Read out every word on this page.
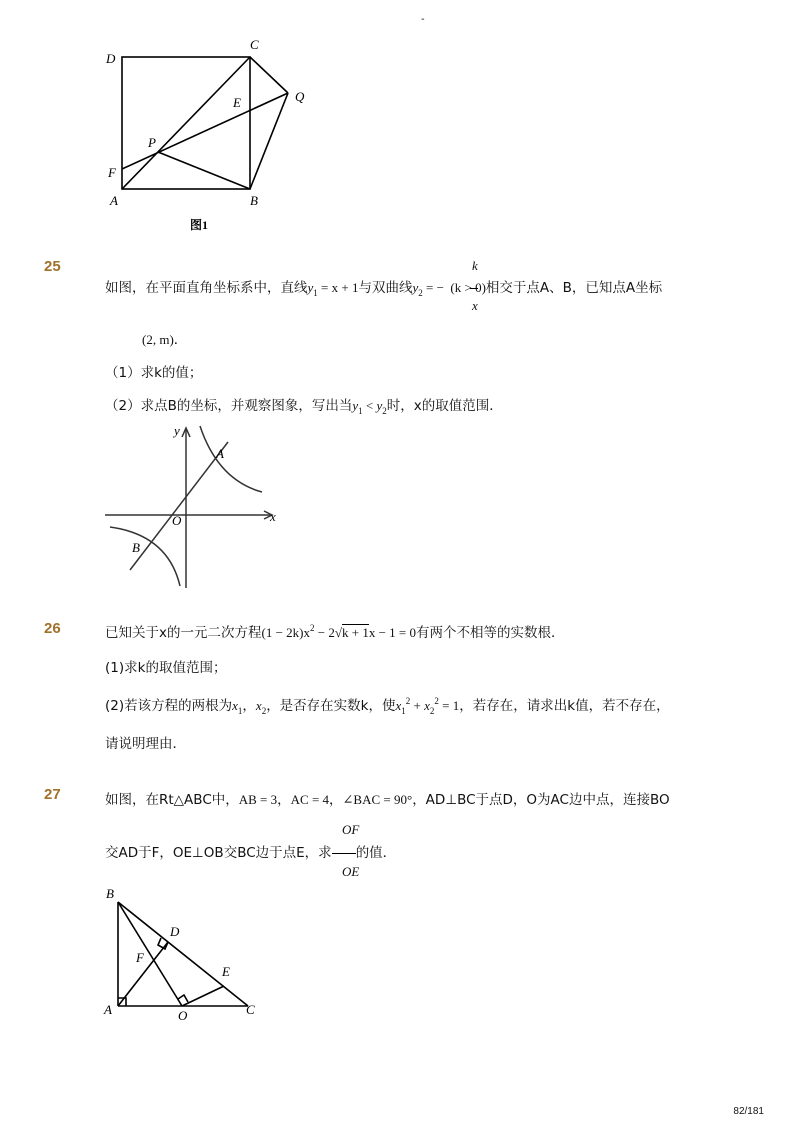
-
D
C
E	Q
P
F
A	B
图1
25	k
x
如图，在平面直角坐标系中，直线$y_1 = x + 1$与双曲线$y_2$ = −  (k > 0)相交于点A、B，已知点A坐标
(2, m)．
（1）求k的值；
（2）求点B的坐标，并观察图象，写出当$y_1 < y_2$时，x的取值范围．
y
x
O
A
B
26	已知关于x的一元二次方程$(1 - 2k)x^2 - 2√k + 1x - 1 = 0$有两个不相等的实数根．
(1)求k的取值范围；
(2)若该方程的两根为$x_1$，$x_2$，是否存在实数k，使$x_1^2 + x_2^2 = 1$，若存在，请求出k值，若不存在，
请说明理由．
27	如图，在Rt△ABC中，AB = 3，AC = 4，∠BAC = 90°，AD⊥BC于点D，O为AC边中点，连接BO
OF
OE
交AD于F，OE⊥OB交BC边于点E，求 的值．
B
D
F
E
A	O	C
82/181
